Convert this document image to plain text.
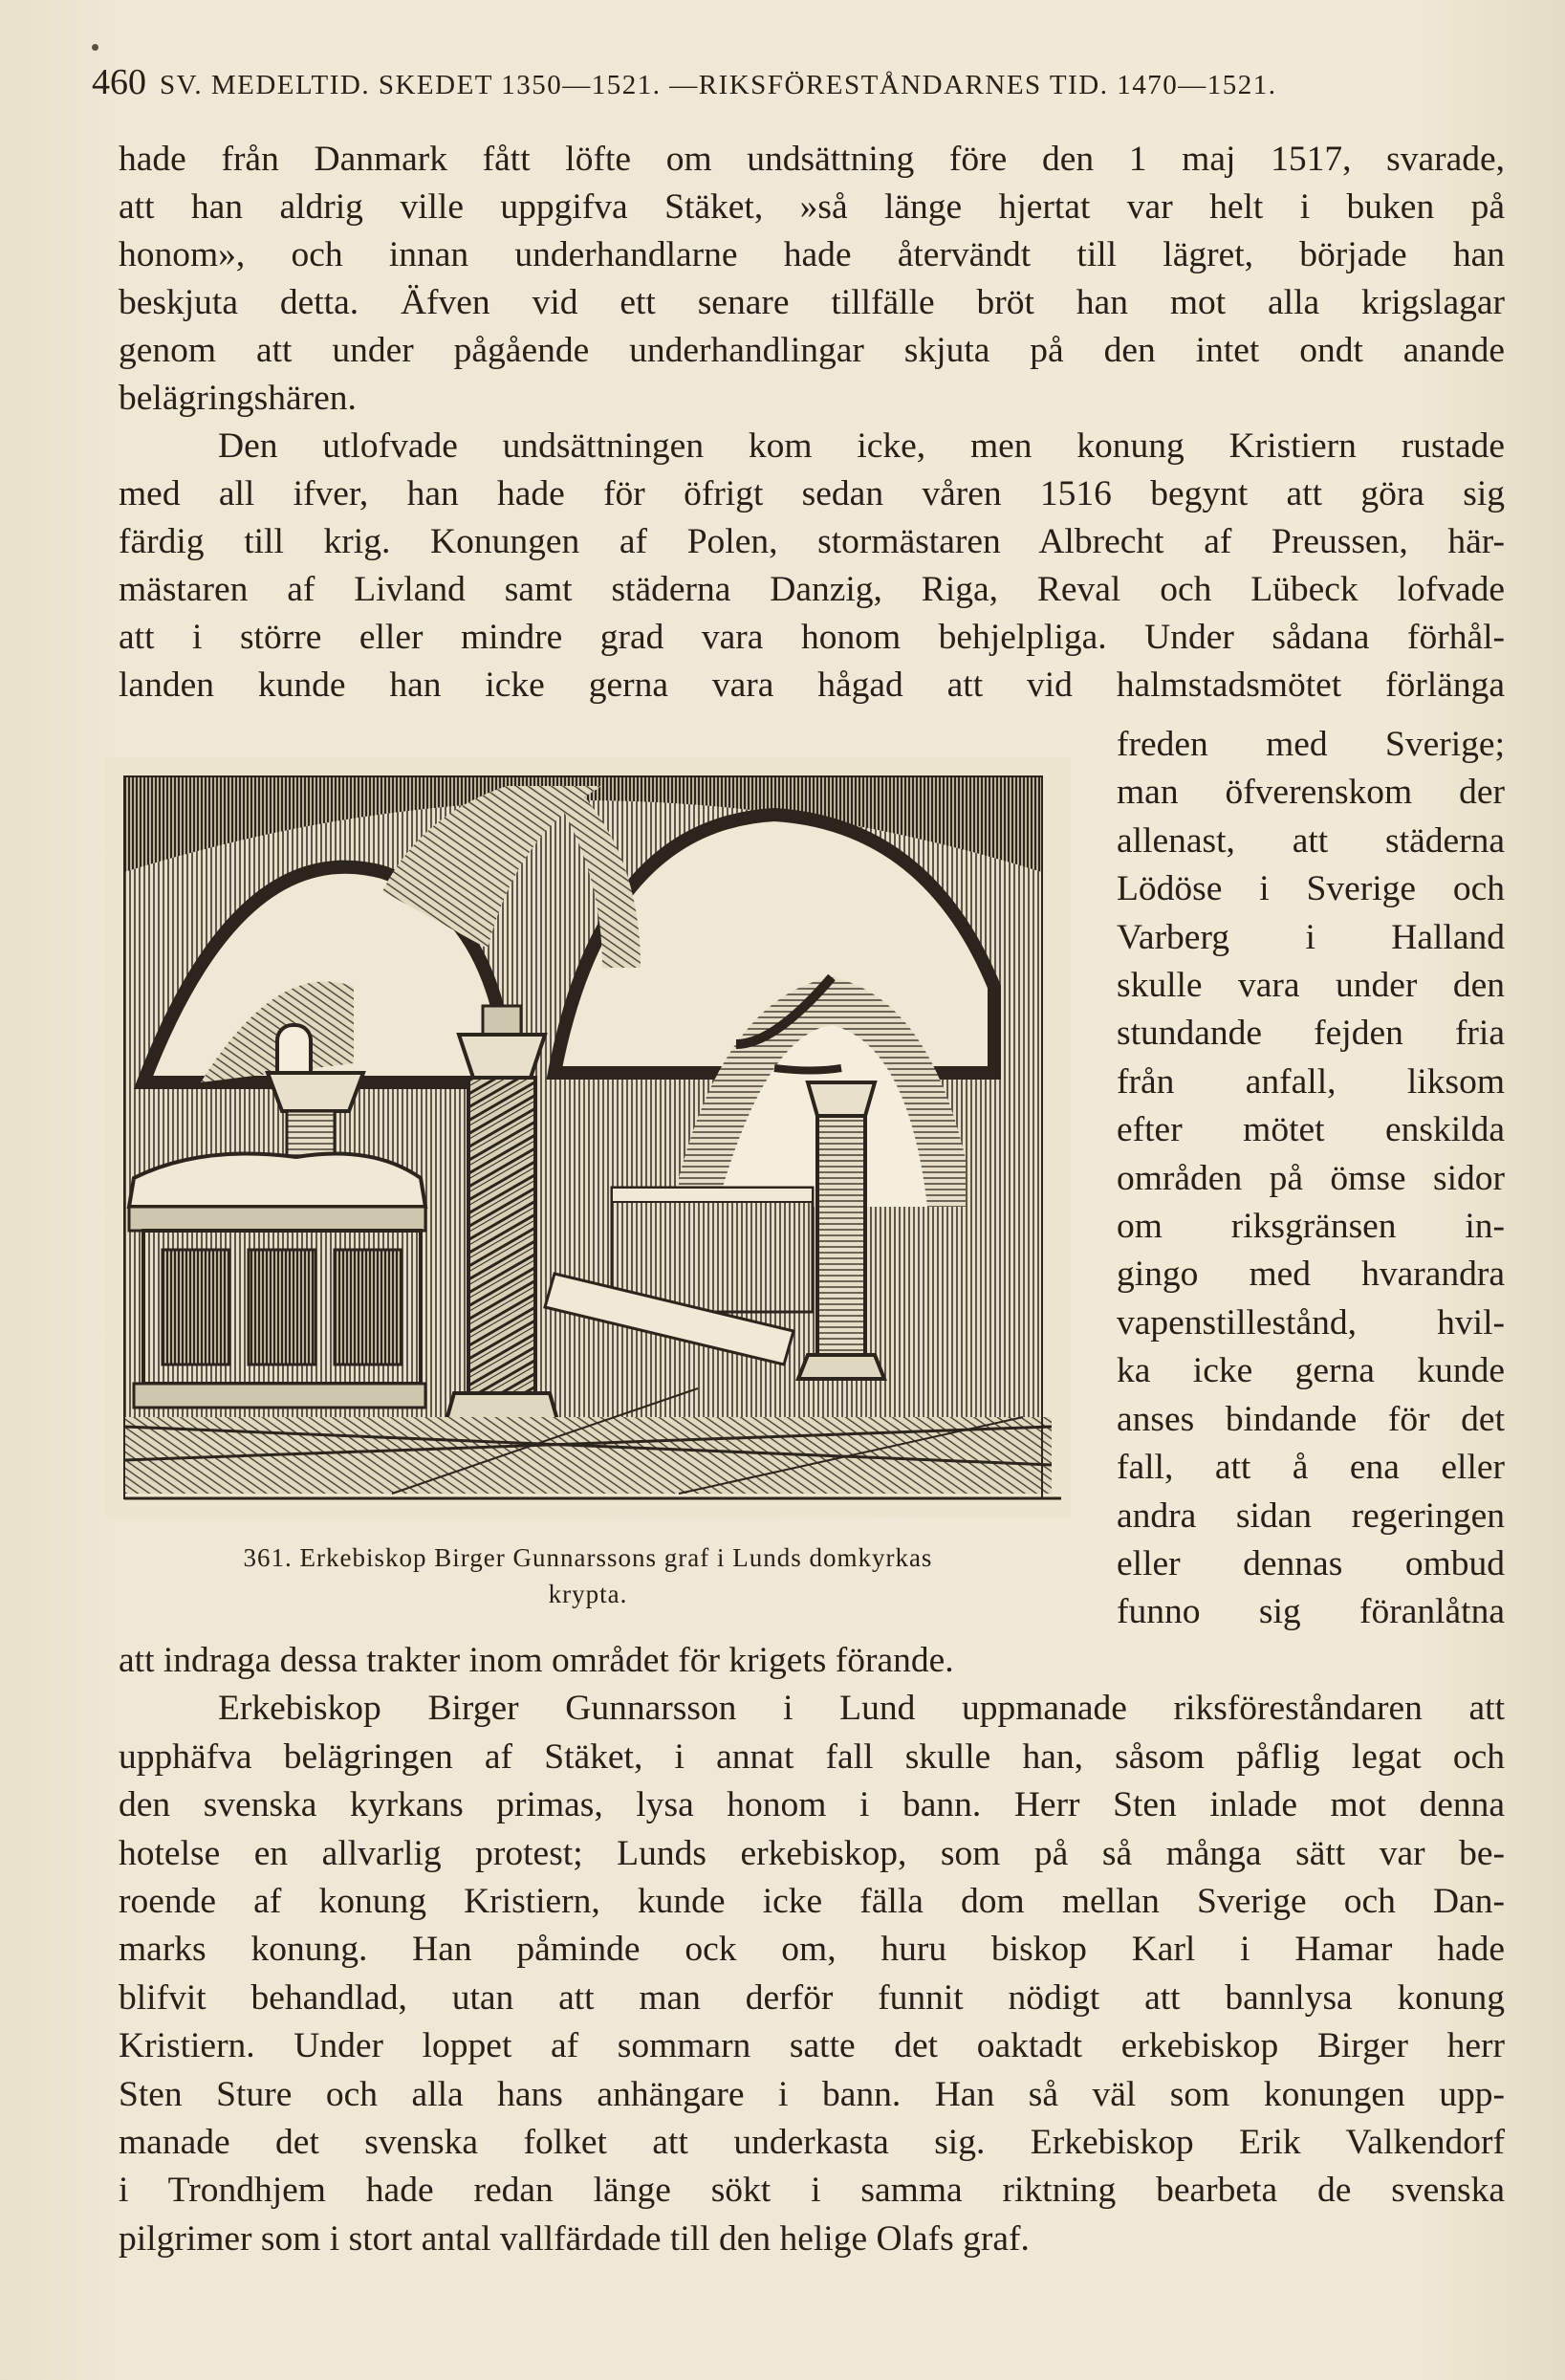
460 SV. MEDELTID. SKEDET 1350—1521. —RIKSFÖRESTÅNDARNES TID. 1470—1521.
hade från Danmark fått löfte om undsättning före den 1 maj 1517, svarade,
att han aldrig ville uppgifva Stäket, »så länge hjertat var helt i buken på
honom», och innan underhandlarne hade återvändt till lägret, började han
beskjuta detta. Äfven vid ett senare tillfälle bröt han mot alla krigslagar
genom att under pågående underhandlingar skjuta på den intet ondt anande
belägringshären.
Den utlofvade undsättningen kom icke, men konung Kristiern rustade
med all ifver, han hade för öfrigt sedan våren 1516 begynt att göra sig
färdig till krig. Konungen af Polen, stormästaren Albrecht af Preussen, här-
mästaren af Livland samt städerna Danzig, Riga, Reval och Lübeck lofvade
att i större eller mindre grad vara honom behjelpliga. Under sådana förhål-
landen kunde han icke gerna vara hågad att vid halmstadsmötet förlänga
freden med Sverige;
man öfverenskom der
allenast, att städerna
Lödöse i Sverige och
Varberg i Halland
skulle vara under den
stundande fejden fria
från anfall, liksom
efter mötet enskilda
områden på ömse sidor
om riksgränsen in-
gingo med hvarandra
vapenstillestånd, hvil-
ka icke gerna kunde
anses bindande för det
fall, att å ena eller
andra sidan regeringen
eller dennas ombud
funno sig föranlåtna
361. Erkebiskop Birger Gunnarssons graf i Lunds domkyrkas
krypta.
att indraga dessa trakter inom området för krigets förande.
Erkebiskop Birger Gunnarsson i Lund uppmanade riksföreståndaren att
upphäfva belägringen af Stäket, i annat fall skulle han, såsom påflig legat och
den svenska kyrkans primas, lysa honom i bann. Herr Sten inlade mot denna
hotelse en allvarlig protest; Lunds erkebiskop, som på så många sätt var be-
roende af konung Kristiern, kunde icke fälla dom mellan Sverige och Dan-
marks konung. Han påminde ock om, huru biskop Karl i Hamar hade
blifvit behandlad, utan att man derför funnit nödigt att bannlysa konung
Kristiern. Under loppet af sommarn satte det oaktadt erkebiskop Birger herr
Sten Sture och alla hans anhängare i bann. Han så väl som konungen upp-
manade det svenska folket att underkasta sig. Erkebiskop Erik Valkendorf
i Trondhjem hade redan länge sökt i samma riktning bearbeta de svenska
pilgrimer som i stort antal vallfärdade till den helige Olafs graf.
